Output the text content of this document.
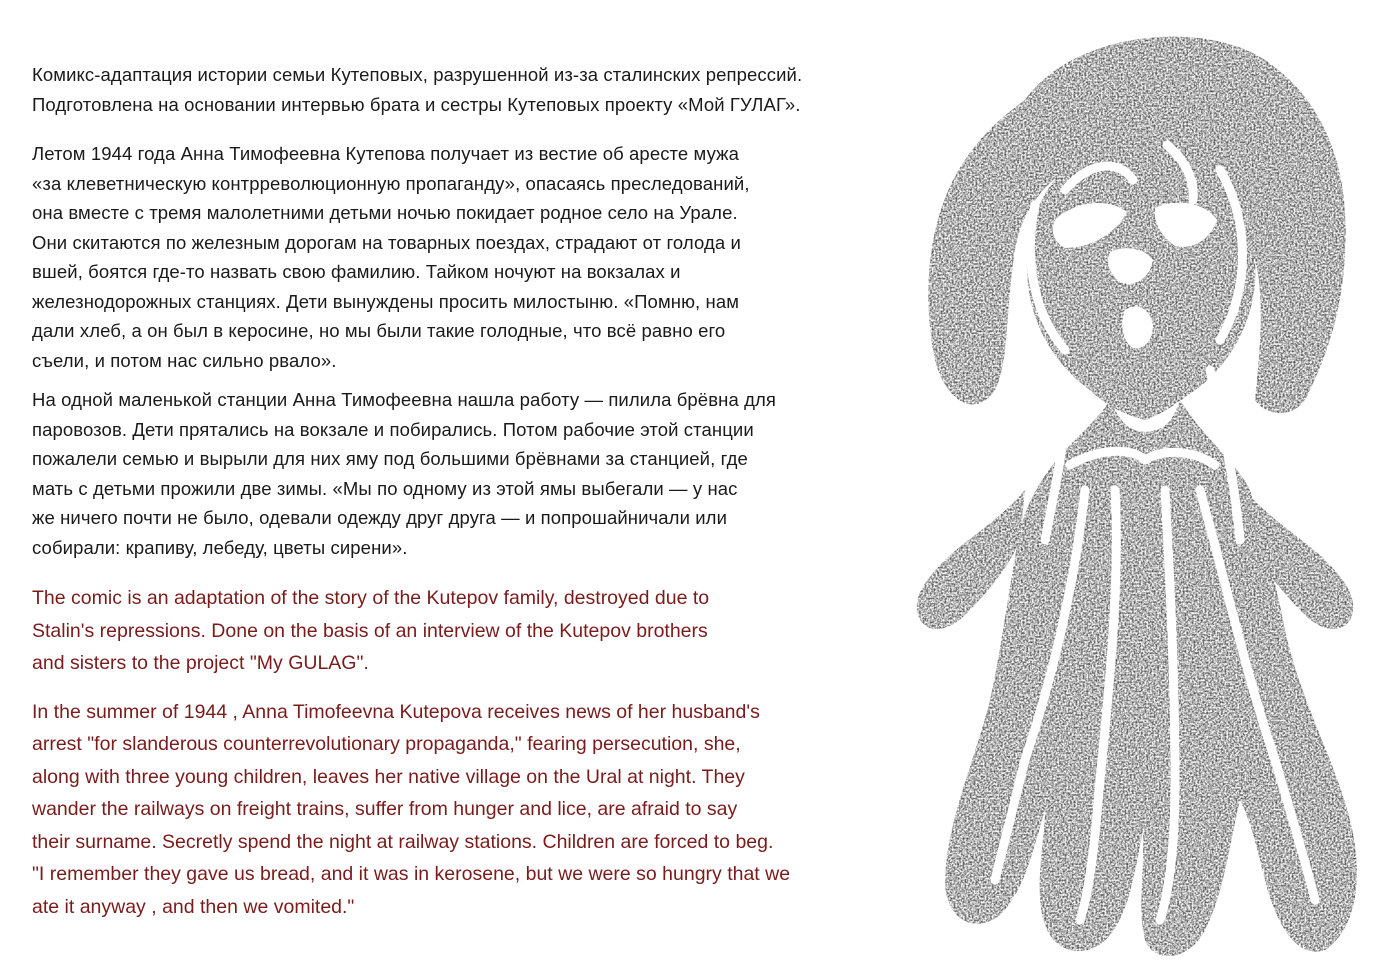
Комикс-адаптация истории семьи Кутеповых, разрушенной из-за сталинских репрессий.
Подготовлена на основании интервью брата и сестры Кутеповых проекту «Мой ГУЛАГ».

Летом 1944 года Анна Тимофеевна Кутепова получает из вестие об аресте мужа
«за клеветническую контрреволюционную пропаганду», опасаясь преследований,
она вместе с тремя малолетними детьми ночью покидает родное село на Урале.
Они скитаются по железным дорогам на товарных поездах, страдают от голода и
вшей, боятся где-то назвать свою фамилию. Тайком ночуют на вокзалах и
железнодорожных станциях. Дети вынуждены просить милостыню. «Помню, нам
дали хлеб, а он был в керосине, но мы были такие голодные, что всё равно его
съели, и потом нас сильно рвало».

На одной маленькой станции Анна Тимофеевна нашла работу — пилила брёвна для
паровозов. Дети прятались на вокзале и побирались. Потом рабочие этой станции
пожалели семью и вырыли для них яму под большими брёвнами за станцией, где
мать с детьми прожили две зимы. «Мы по одному из этой ямы выбегали — у нас
же ничего почти не было, одевали одежду друг друга — и попрошайничали или
собирали: крапиву, лебеду, цветы сирени».

The comic is an adaptation of the story of the Kutepov family, destroyed due to
Stalin's repressions. Done on the basis of an interview of the Kutepov brothers
and sisters to the project "My GULAG".

In the summer of 1944 , Anna Timofeevna Kutepova receives news of her husband's
arrest "for slanderous counterrevolutionary propaganda," fearing persecution, she,
along with three young children, leaves her native village on the Ural at night. They
wander the railways on freight trains, suffer from hunger and lice, are afraid to say
their surname. Secretly spend the night at railway stations. Children are forced to beg.
"I remember they gave us bread, and it was in kerosene, but we were so hungry that we
ate it anyway , and then we vomited."
